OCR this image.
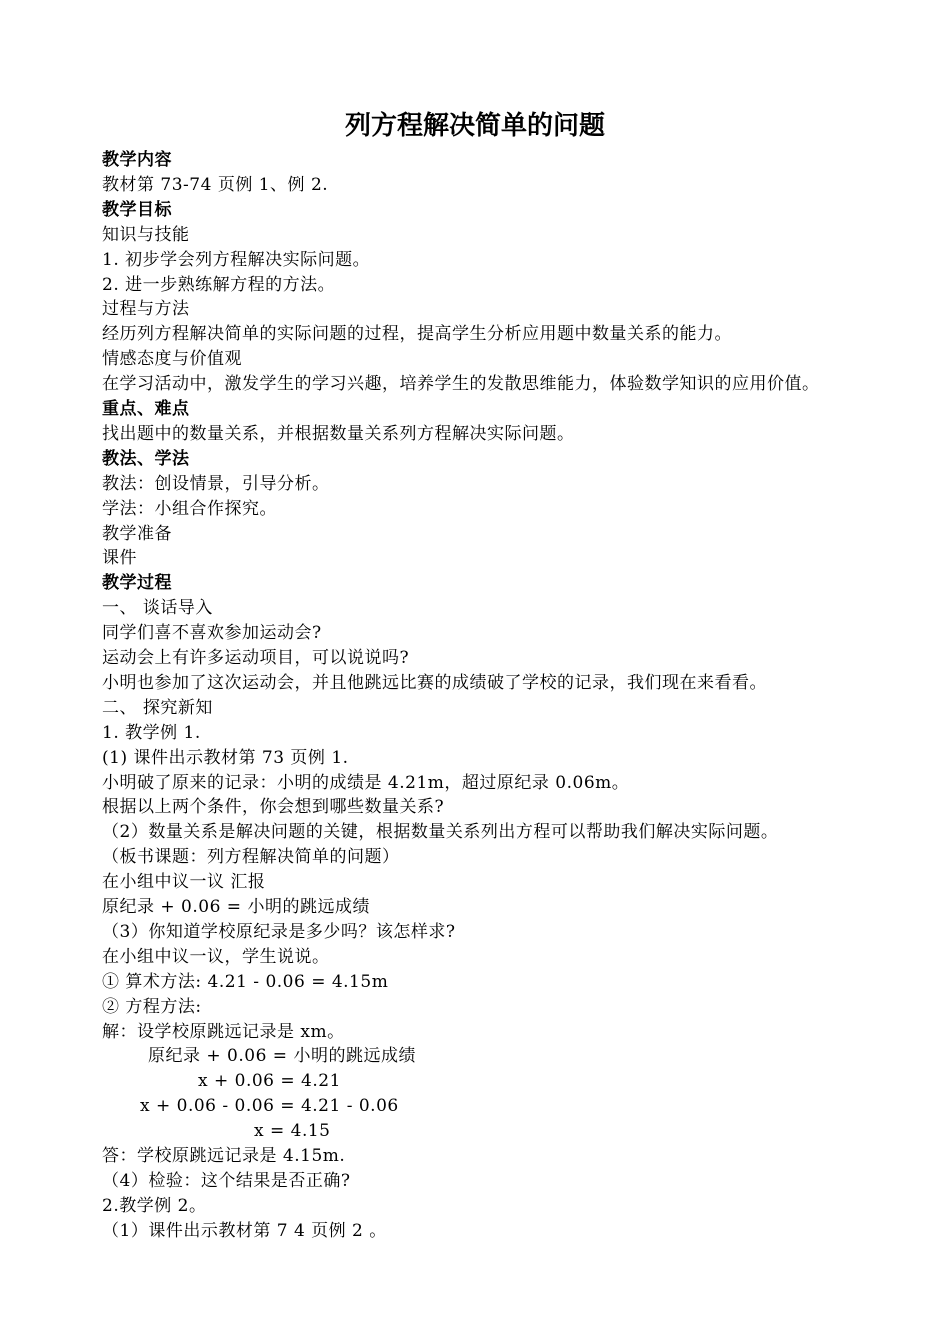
列方程解决简单的问题
教学内容
教材第 73-74 页例 1、例 2.
教学目标
知识与技能
1. 初步学会列方程解决实际问题。
2. 进一步熟练解方程的方法。
过程与方法
经历列方程解决简单的实际问题的过程，提高学生分析应用题中数量关系的能力。
情感态度与价值观
在学习活动中，激发学生的学习兴趣，培养学生的发散思维能力，体验数学知识的应用价值。
重点、难点
找出题中的数量关系，并根据数量关系列方程解决实际问题。
教法、学法
教法：创设情景，引导分析。
学法：小组合作探究。
教学准备
课件
教学过程
一、 谈话导入
同学们喜不喜欢参加运动会?
运动会上有许多运动项目，可以说说吗?
小明也参加了这次运动会，并且他跳远比赛的成绩破了学校的记录，我们现在来看看。
二、 探究新知
1. 教学例 1.
(1) 课件出示教材第 73 页例 1.
小明破了原来的记录：小明的成绩是 4.21m，超过原纪录 0.06m。
根据以上两个条件，你会想到哪些数量关系?
（2）数量关系是解决问题的关键，根据数量关系列出方程可以帮助我们解决实际问题。
（板书课题：列方程解决简单的问题）
在小组中议一议 汇报
原纪录 + 0.06 = 小明的跳远成绩
（3）你知道学校原纪录是多少吗？该怎样求?
在小组中议一议，学生说说。
① 算术方法: 4.21 - 0.06 = 4.15m
② 方程方法:
解：设学校原跳远记录是 xm。
原纪录 + 0.06 = 小明的跳远成绩
x + 0.06 = 4.21
x + 0.06 - 0.06 = 4.21 - 0.06
x = 4.15
答：学校原跳远记录是 4.15m.
（4）检验：这个结果是否正确?
2.教学例 2。
（1）课件出示教材第 7 4 页例 2 。
